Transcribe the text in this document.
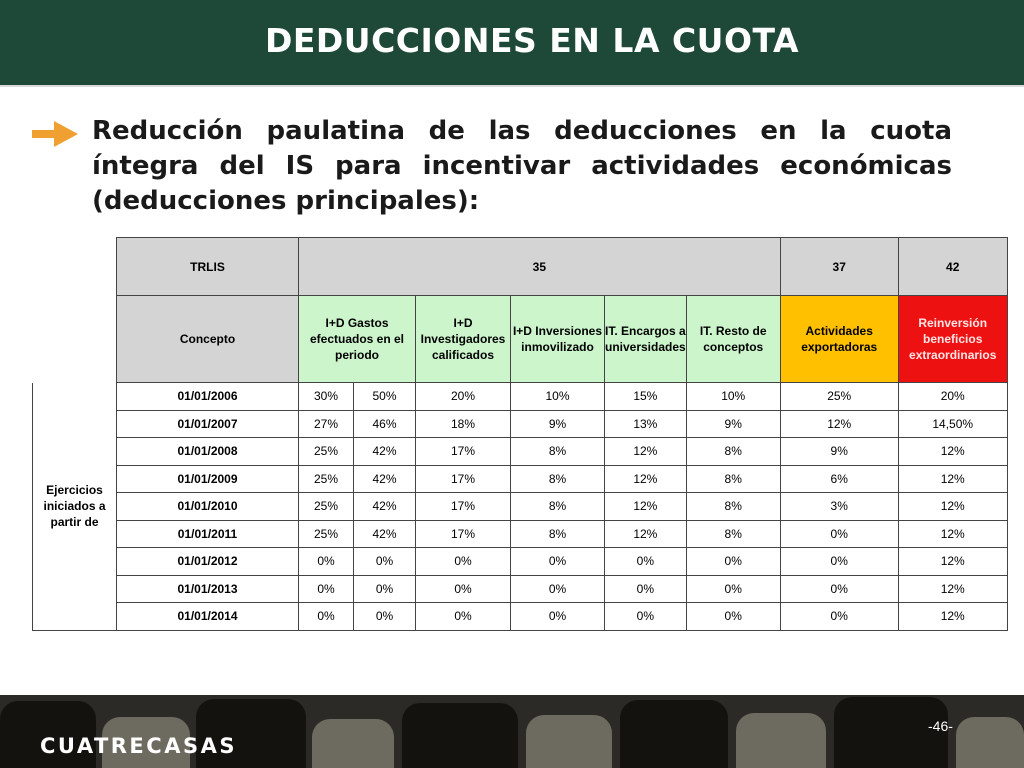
DEDUCCIONES EN LA CUOTA
Reducción paulatina de las deducciones en la cuota íntegra del IS para incentivar actividades económicas (deducciones principales):
	TRLIS	35						37	42
	Concepto	I+D Gastos efectuados en el periodo		I+D Investigadores calificados	I+D Inversiones inmovilizado	IT. Encargos a universidades	IT. Resto de conceptos	Actividades exportadoras	Reinversión beneficios extraordinarios
Ejercicios iniciados a partir de	01/01/2006	30%	50%	20%	10%	15%	10%	25%	20%
	01/01/2007	27%	46%	18%	9%	13%	9%	12%	14,50%
	01/01/2008	25%	42%	17%	8%	12%	8%	9%	12%
	01/01/2009	25%	42%	17%	8%	12%	8%	6%	12%
	01/01/2010	25%	42%	17%	8%	12%	8%	3%	12%
	01/01/2011	25%	42%	17%	8%	12%	8%	0%	12%
	01/01/2012	0%	0%	0%	0%	0%	0%	0%	12%
	01/01/2013	0%	0%	0%	0%	0%	0%	0%	12%
	01/01/2014	0%	0%	0%	0%	0%	0%	0%	12%
CUATRECASAS
-46-
